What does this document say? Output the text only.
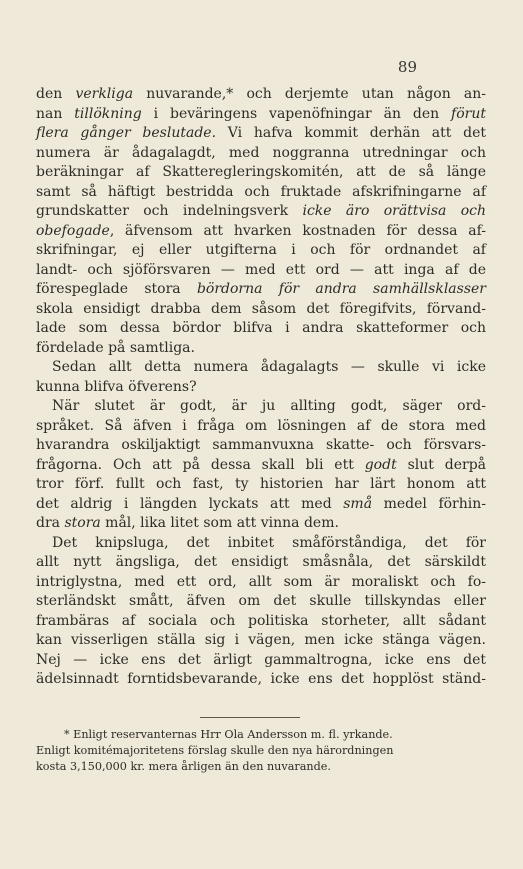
89
den verkliga nuvarande,* och derjemte utan någon an-
nan tillökning i beväringens vapenöfningar än den förut
flera gånger beslutade. Vi hafva kommit derhän att det
numera är ådagalagdt, med noggranna utredningar och
beräkningar af Skatteregleringskomitén, att de så länge
samt så häftigt bestridda och fruktade afskrifningarne af
grundskatter och indelningsverk icke äro orättvisa och
obefogade, äfvensom att hvarken kostnaden för dessa af-
skrifningar, ej eller utgifterna i och för ordnandet af
landt- och sjöförsvaren — med ett ord — att inga af de
förespeglade stora bördorna för andra samhällsklasser
skola ensidigt drabba dem såsom det föregifvits, förvand-
lade som dessa bördor blifva i andra skatteformer och
fördelade på samtliga.
Sedan allt detta numera ådagalagts — skulle vi icke
kunna blifva öfverens?
När slutet är godt, är ju allting godt, säger ord-
språket. Så äfven i fråga om lösningen af de stora med
hvarandra oskiljaktigt sammanvuxna skatte- och försvars-
frågorna. Och att på dessa skall bli ett godt slut derpå
tror förf. fullt och fast, ty historien har lärt honom att
det aldrig i längden lyckats att med små medel förhin-
dra stora mål, lika litet som att vinna dem.
Det knipsluga, det inbitet småförståndiga, det för
allt nytt ängsliga, det ensidigt småsnåla, det särskildt
intriglystna, med ett ord, allt som är moraliskt och fo-
sterländskt smått, äfven om det skulle tillskyndas eller
frambäras af sociala och politiska storheter, allt sådant
kan visserligen ställa sig i vägen, men icke stänga vägen.
Nej — icke ens det ärligt gammaltrogna, icke ens det
ädelsinnadt forntidsbevarande, icke ens det hopplöst ständ-

* Enligt reservanternas Hrr Ola Andersson m. fl. yrkande.

Enligt komitémajoritetens förslag skulle den nya härordningen

kosta 3,150,000 kr. mera årligen än den nuvarande.
